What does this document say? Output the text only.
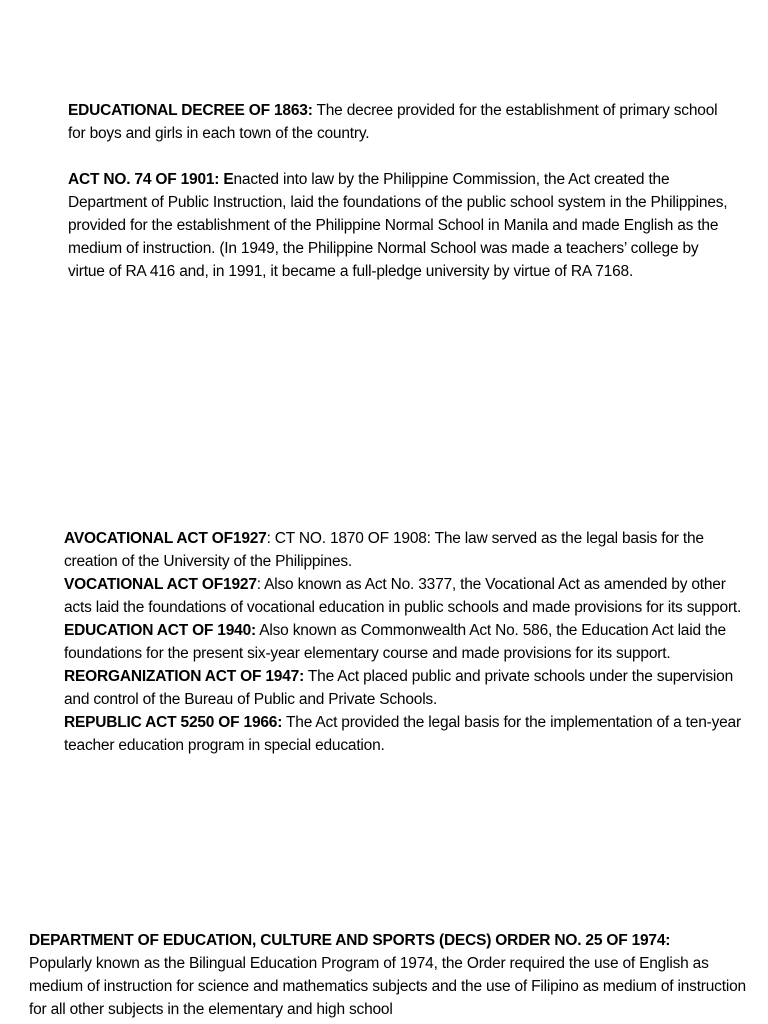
EDUCATIONAL DECREE OF 1863: The decree provided for the establishment of primary school for boys and girls in each town of the country.

ACT NO. 74 OF 1901: Enacted into law by the Philippine Commission, the Act created the Department of Public Instruction, laid the foundations of the public school system in the Philippines, provided for the establishment of the Philippine Normal School in Manila and made English as the medium of instruction. (In 1949, the Philippine Normal School was made a teachers’ college by virtue of RA 416 and, in 1991, it became a full-pledge university by virtue of RA 7168.

AVOCATIONAL ACT OF1927: CT NO. 1870 OF 1908: The law served as the legal basis for the creation of the University of the Philippines.

VOCATIONAL ACT OF1927: Also known as Act No. 3377, the Vocational Act as amended by other acts laid the foundations of vocational education in public schools and made provisions for its support.

EDUCATION ACT OF 1940: Also known as Commonwealth Act No. 586, the Education Act laid the foundations for the present six-year elementary course and made provisions for its support.

REORGANIZATION ACT OF 1947: The Act placed public and private schools under the supervision and control of the Bureau of Public and Private Schools.

REPUBLIC ACT 5250 OF 1966: The Act provided the legal basis for the implementation of a ten-year teacher education program in special education.

DEPARTMENT OF EDUCATION, CULTURE AND SPORTS (DECS) ORDER NO. 25 OF 1974:
Popularly known as the Bilingual Education Program of 1974, the Order required the use of English as medium of instruction for science and mathematics subjects and the use of Filipino as medium of instruction for all other subjects in the elementary and high school
